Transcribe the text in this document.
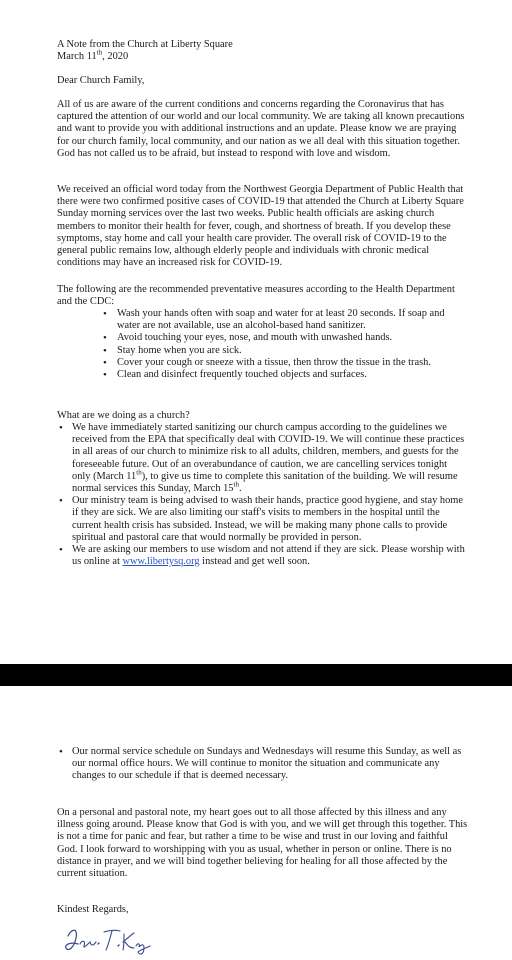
A Note from the Church at Liberty Square
March 11th, 2020
Dear Church Family,
All of us are aware of the current conditions and concerns regarding the Coronavirus that has captured the attention of our world and our local community. We are taking all known precautions and want to provide you with additional instructions and an update. Please know we are praying for our church family, local community, and our nation as we all deal with this situation together. God has not called us to be afraid, but instead to respond with love and wisdom.
We received an official word today from the Northwest Georgia Department of Public Health that there were two confirmed positive cases of COVID-19 that attended the Church at Liberty Square Sunday morning services over the last two weeks. Public health officials are asking church members to monitor their health for fever, cough, and shortness of breath. If you develop these symptoms, stay home and call your health care provider. The overall risk of COVID-19 to the general public remains low, although elderly people and individuals with chronic medical conditions may have an increased risk for COVID-19.
The following are the recommended preventative measures according to the Health Department and the CDC:
• Wash your hands often with soap and water for at least 20 seconds. If soap and water are not available, use an alcohol-based hand sanitizer.
• Avoid touching your eyes, nose, and mouth with unwashed hands.
• Stay home when you are sick.
• Cover your cough or sneeze with a tissue, then throw the tissue in the trash.
• Clean and disinfect frequently touched objects and surfaces.
What are we doing as a church?
• We have immediately started sanitizing our church campus according to the guidelines we received from the EPA that specifically deal with COVID-19. We will continue these practices in all areas of our church to minimize risk to all adults, children, members, and guests for the foreseeable future. Out of an overabundance of caution, we are cancelling services tonight only (March 11th), to give us time to complete this sanitation of the building. We will resume normal services this Sunday, March 15th.
• Our ministry team is being advised to wash their hands, practice good hygiene, and stay home if they are sick. We are also limiting our staff's visits to members in the hospital until the current health crisis has subsided. Instead, we will be making many phone calls to provide spiritual and pastoral care that would normally be provided in person.
• We are asking our members to use wisdom and not attend if they are sick. Please worship with us online at www.libertysq.org instead and get well soon.
• Our normal service schedule on Sundays and Wednesdays will resume this Sunday, as well as our normal office hours. We will continue to monitor the situation and communicate any changes to our schedule if that is deemed necessary.
On a personal and pastoral note, my heart goes out to all those affected by this illness and any illness going around. Please know that God is with you, and we will get through this together. This is not a time for panic and fear, but rather a time to be wise and trust in our loving and faithful God. I look forward to worshipping with you as usual, whether in person or online. There is no distance in prayer, and we will bind together believing for healing for all those affected by the current situation.
Kindest Regards,
